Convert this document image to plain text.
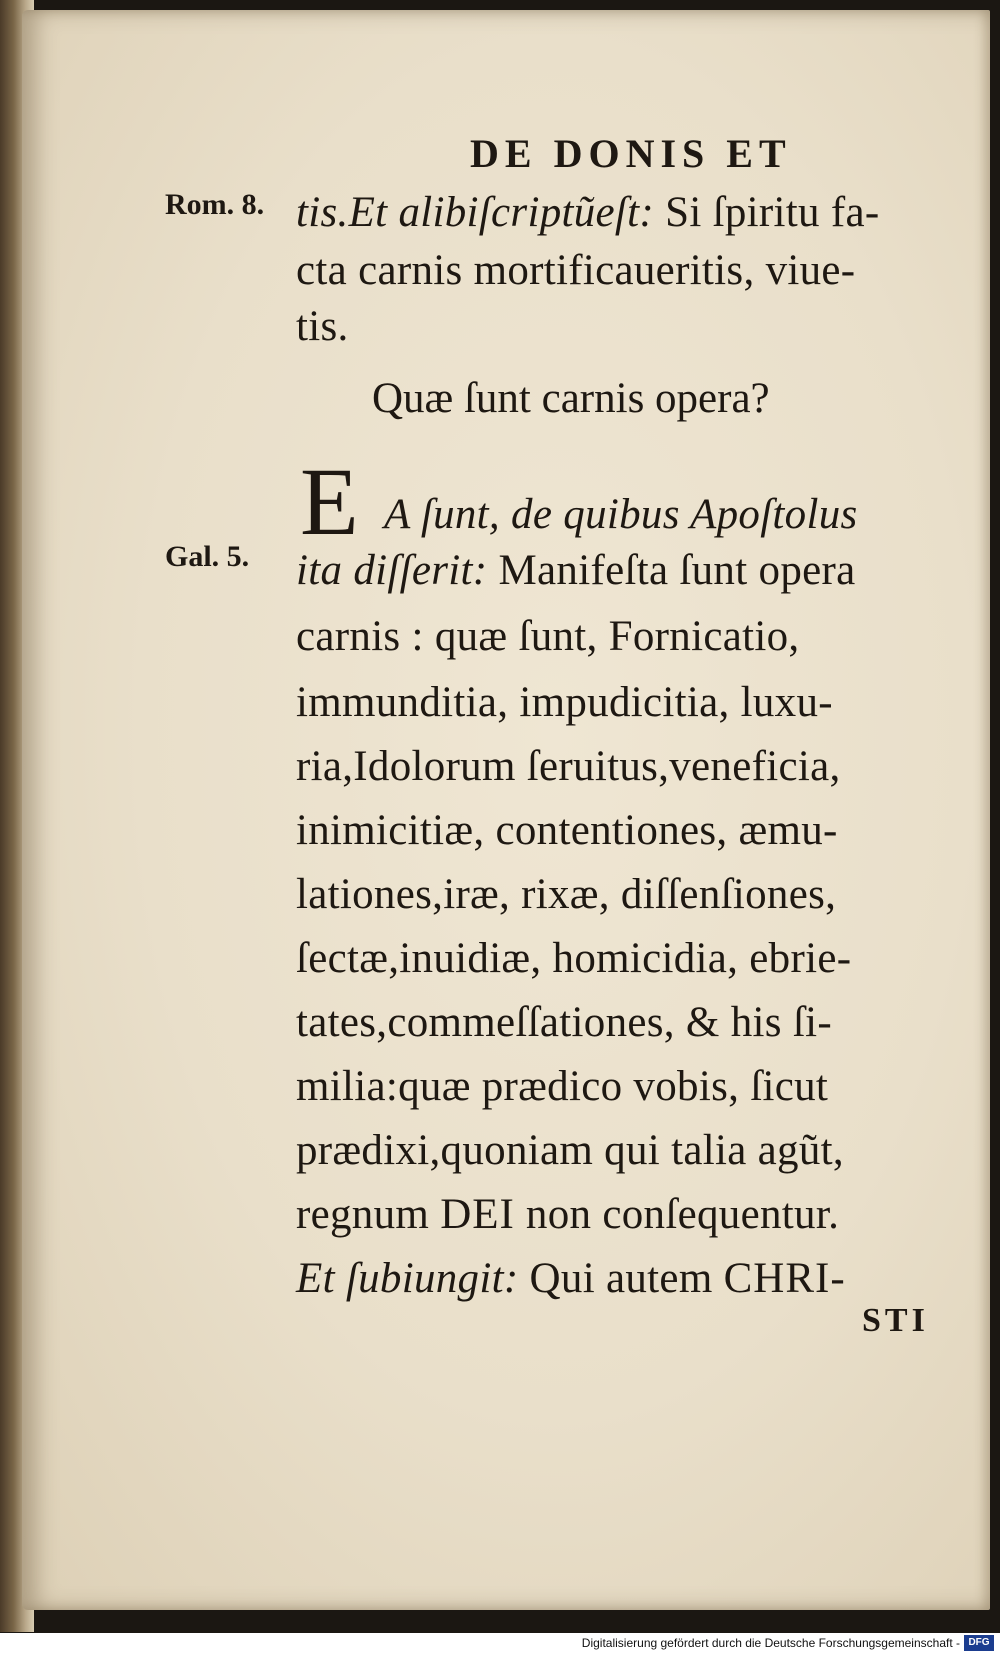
DE DONIS ET
Rom. 8.
Gal. 5.
tis.Et alibiſcriptũeſt: Si ſpiritu fa-
cta carnis mortificaueritis, viue-
tis.
Quæ ſunt carnis opera?
E A ſunt, de quibus Apoſtolus
ita diſſerit: Manifeſta ſunt opera
carnis : quæ ſunt, Fornicatio,
immunditia, impudicitia, luxu-
ria,Idolorum ſeruitus,veneficia,
inimicitiæ, contentiones, æmu-
lationes,iræ, rixæ, diſſenſiones,
ſectæ,inuidiæ, homicidia, ebrie-
tates,commeſſationes, & his ſi-
milia:quæ prædico vobis, ſicut
prædixi,quoniam qui talia agũt,
regnum DEI non conſequentur.
Et ſubiungit: Qui autem CHRI-
STI
Digitalisierung gefördert durch die Deutsche Forschungsgemeinschaft - DFG
